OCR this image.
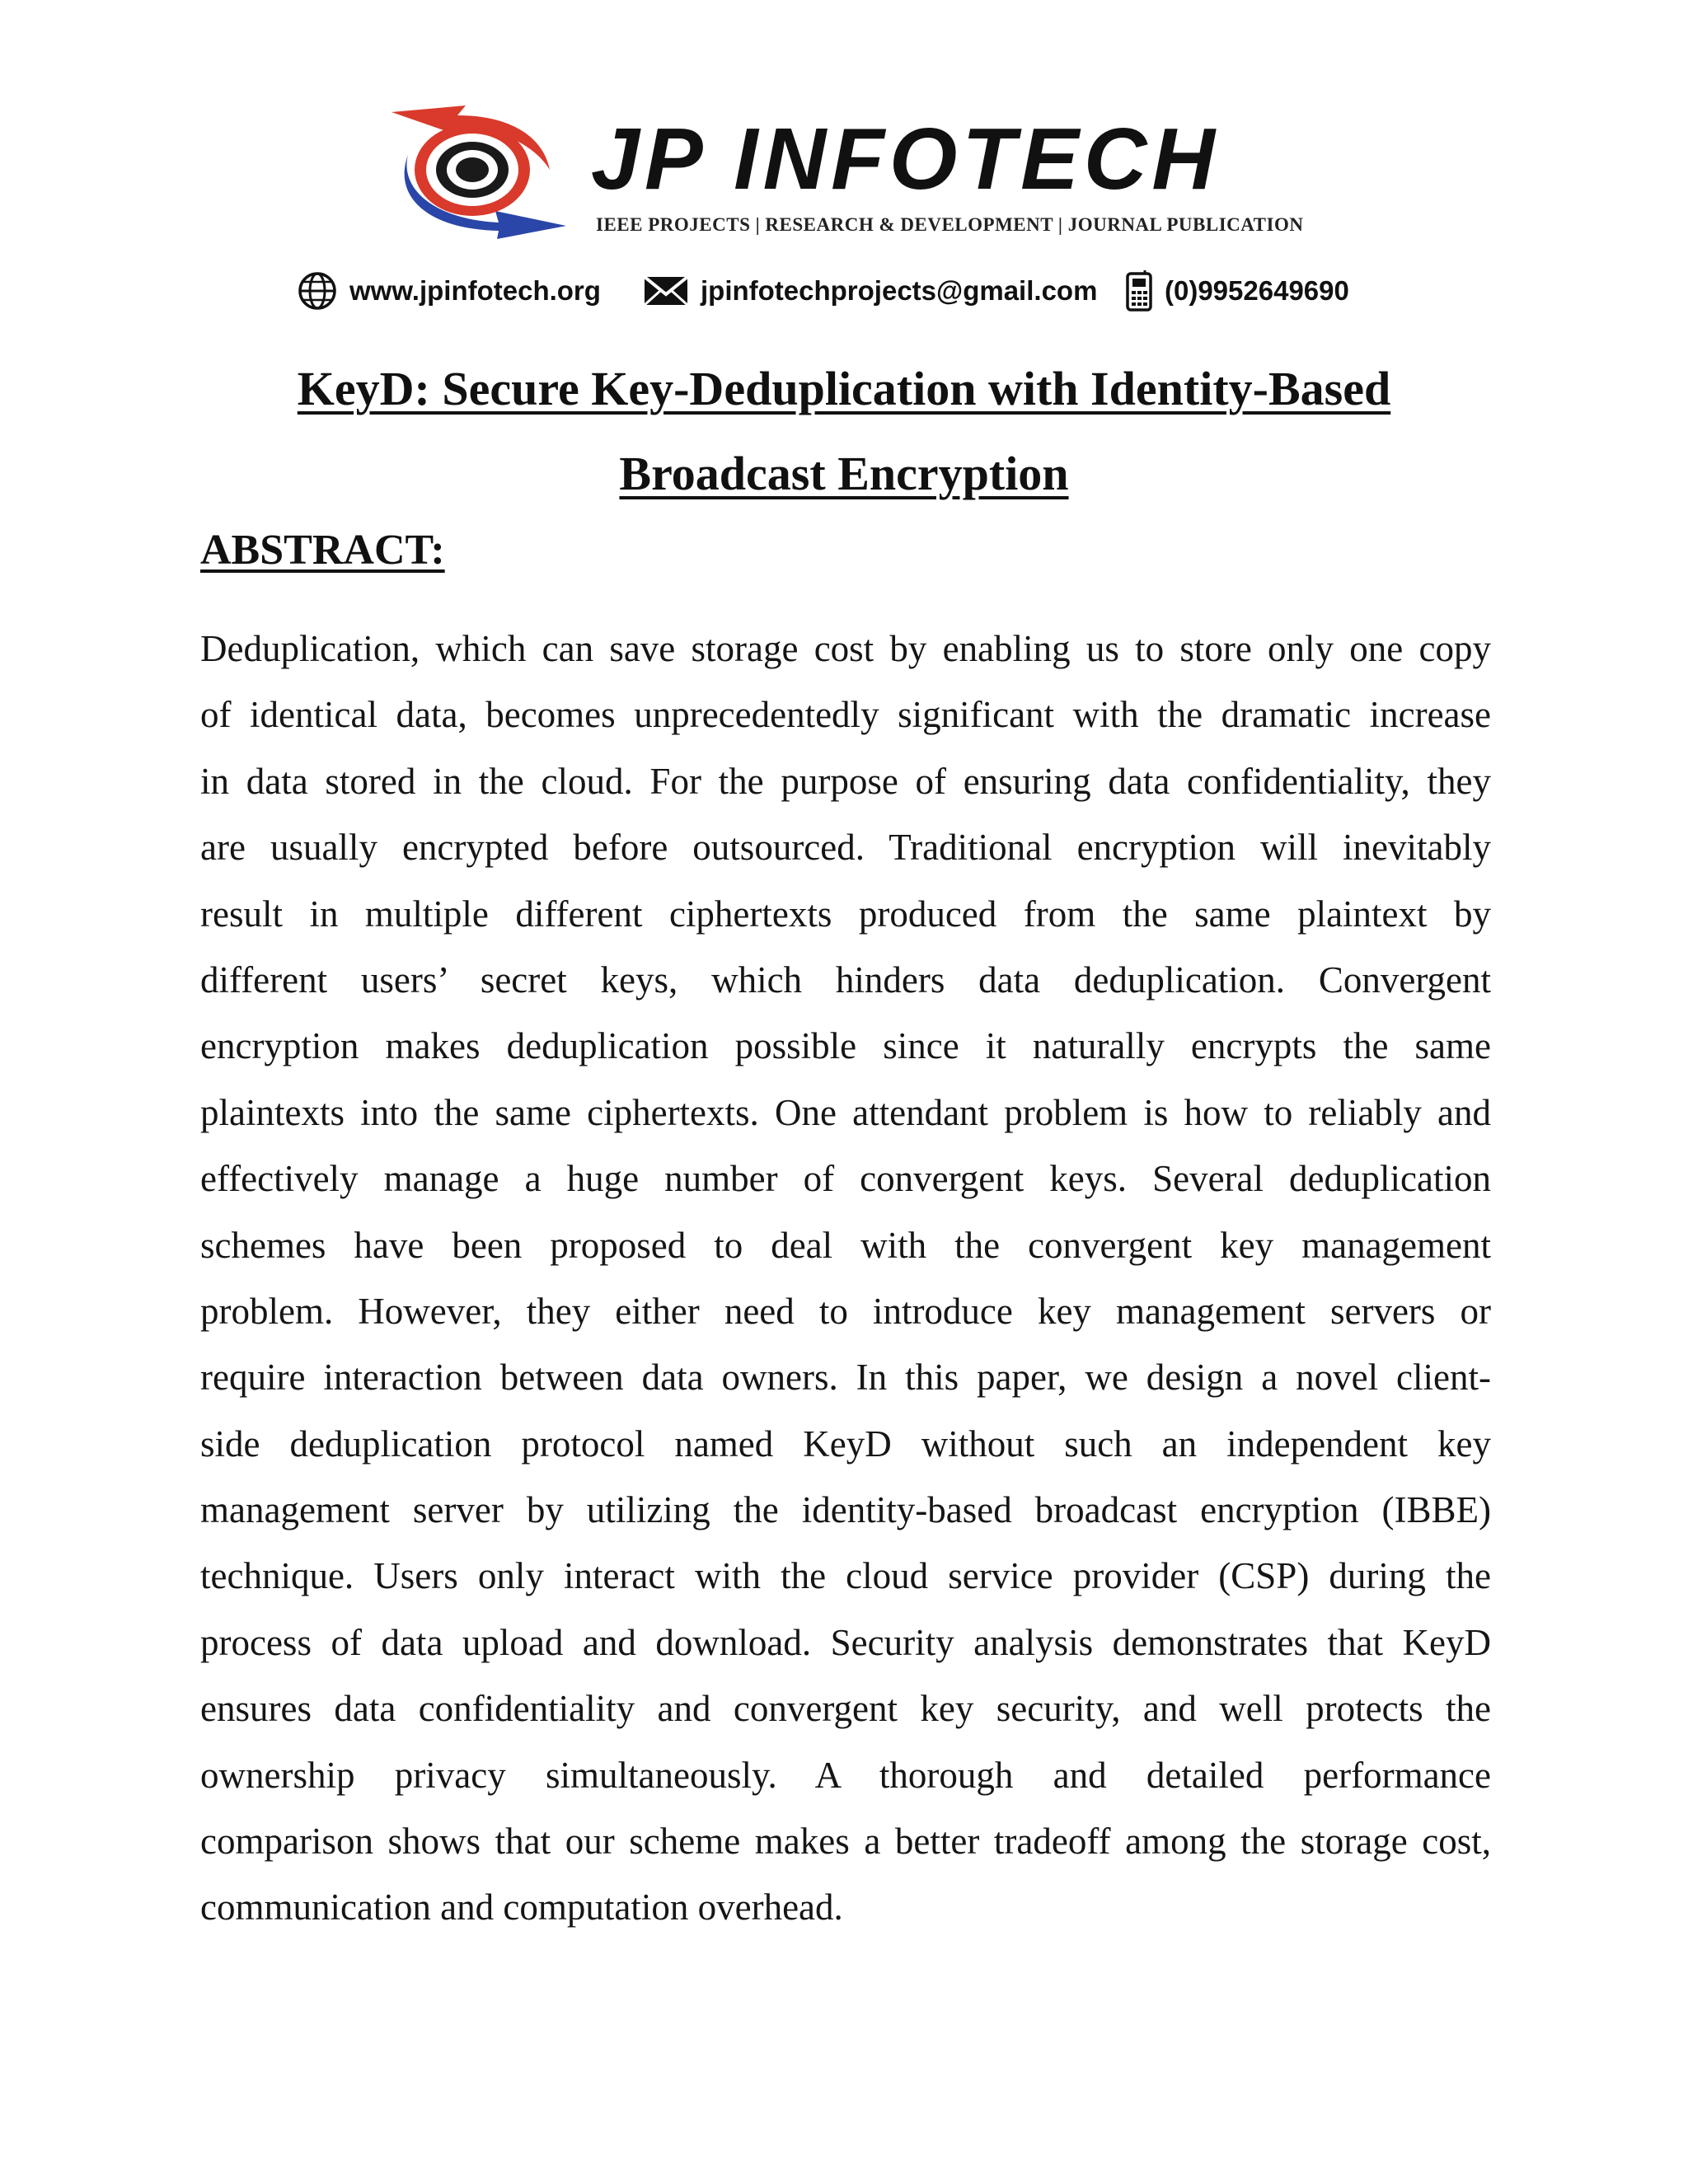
JP INFOTECH
IEEE PROJECTS | RESEARCH & DEVELOPMENT | JOURNAL PUBLICATION
www.jpinfotech.org	jpinfotechprojects@gmail.com (0)9952649690
KeyD: Secure Key-Deduplication with Identity-Based
Broadcast Encryption
ABSTRACT:
Deduplication, which can save storage cost by enabling us to store only one copy
of identical data, becomes unprecedentedly significant with the dramatic increase
in data stored in the cloud. For the purpose of ensuring data confidentiality, they
are usually encrypted before outsourced. Traditional encryption will inevitably
result in multiple different ciphertexts produced from the same plaintext by
different users’ secret keys, which hinders data deduplication. Convergent
encryption makes deduplication possible since it naturally encrypts the same
plaintexts into the same ciphertexts. One attendant problem is how to reliably and
effectively manage a huge number of convergent keys. Several deduplication
schemes have been proposed to deal with the convergent key management
problem. However, they either need to introduce key management servers or
require interaction between data owners. In this paper, we design a novel client-
side deduplication protocol named KeyD without such an independent key
management server by utilizing the identity-based broadcast encryption (IBBE)
technique. Users only interact with the cloud service provider (CSP) during the
process of data upload and download. Security analysis demonstrates that KeyD
ensures data confidentiality and convergent key security, and well protects the
ownership privacy simultaneously. A thorough and detailed performance
comparison shows that our scheme makes a better tradeoff among the storage cost,
communication and computation overhead.
